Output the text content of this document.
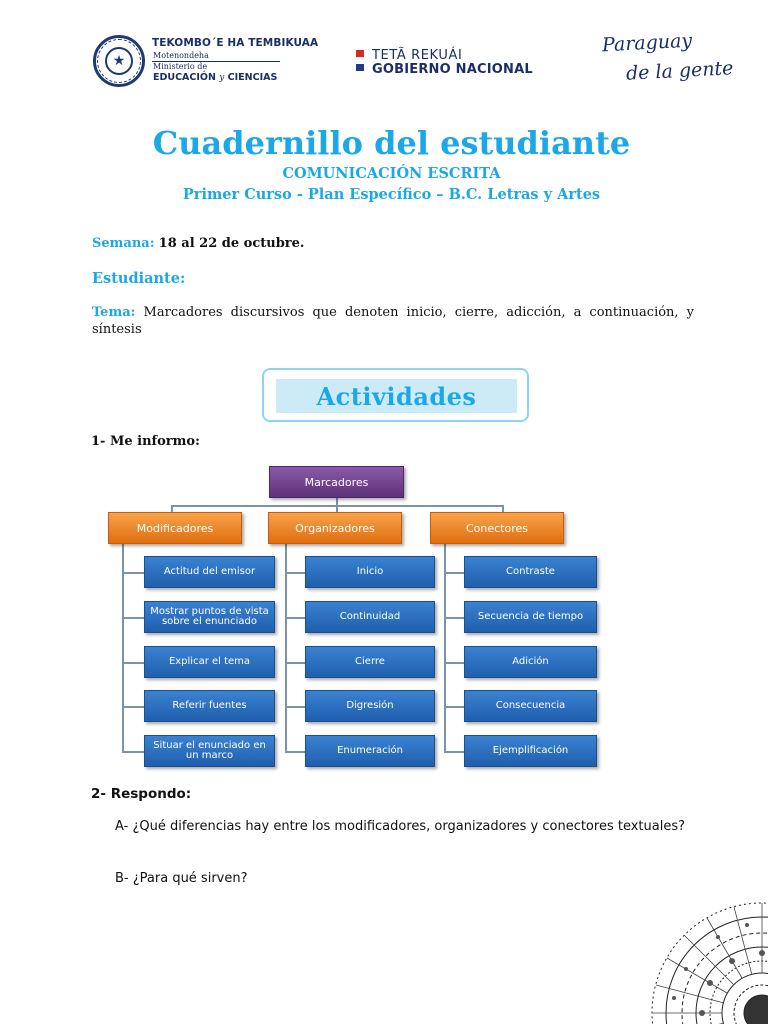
★
TEKOMBO´E HA TEMBIKUAA
Motenondeha
Ministerio de
EDUCACIÓN y CIENCIAS
TETÃ REKUÁI
GOBIERNO NACIONAL
Paraguay
de la gente
Cuadernillo del estudiante
COMUNICACIÓN ESCRITA
Primer Curso - Plan Específico – B.C. Letras y Artes
Semana: 18 al 22 de octubre.
Estudiante:
Tema: Marcadores discursivos que denoten inicio, cierre, adicción, a continuación, y síntesis
Actividades
1- Me informo:
Marcadores
Modificadores	Organizadores	Conectores
Actitud del emisor
Mostrar puntos de vista sobre el enunciado
Explicar el tema
Referir fuentes
Situar el enunciado en un marco
Inicio
Continuidad
Cierre
Digresión
Enumeración
Contraste
Secuencia de tiempo
Adición
Consecuencia
Ejemplificación
2- Respondo:
A- ¿Qué diferencias hay entre los modificadores, organizadores y conectores textuales?
B- ¿Para qué sirven?
